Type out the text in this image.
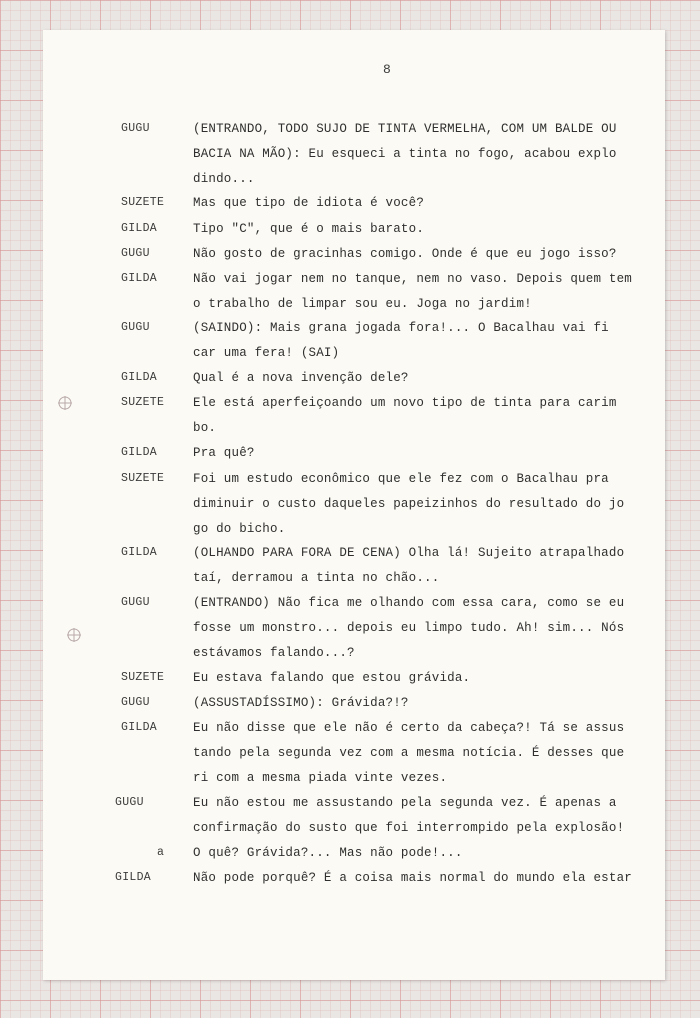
8
GUGU	(ENTRANDO, TODO SUJO DE TINTA VERMELHA, COM UM BALDE OU
BACIA NA MÃO): Eu esqueci a tinta no fogo, acabou explo
dindo...
SUZETE Mas que tipo de idiota é você?
GILDA	Tipo "C", que é o mais barato.
GUGU	Não gosto de gracinhas comigo. Onde é que eu jogo isso?
GILDA	Não vai jogar nem no tanque, nem no vaso. Depois quem tem
o trabalho de limpar sou eu. Joga no jardim!
GUGU	(SAINDO): Mais grana jogada fora!... O Bacalhau vai fi
car uma fera! (SAI)
GILDA	Qual é a nova invenção dele?
SUZETE Ele está aperfeiçoando um novo tipo de tinta para carim
bo.
GILDA	Pra quê?
SUZETE Foi um estudo econômico que ele fez com o Bacalhau pra
diminuir o custo daqueles papeizinhos do resultado do jo
go do bicho.
GILDA	(OLHANDO PARA FORA DE CENA) Olha lá! Sujeito atrapalhado
taí, derramou a tinta no chão...
GUGU	(ENTRANDO) Não fica me olhando com essa cara, como se eu
fosse um monstro... depois eu limpo tudo. Ah! sim... Nós
estávamos falando...?
SUZETE Eu estava falando que estou grávida.
GUGU	(ASSUSTADÍSSIMO): Grávida?!?
GILDA	Eu não disse que ele não é certo da cabeça?! Tá se assus
tando pela segunda vez com a mesma notícia. É desses que
ri com a mesma piada vinte vezes.
GUGU	Eu não estou me assustando pela segunda vez. É apenas a
confirmação do susto que foi interrompido pela explosão!
a O quê? Grávida?... Mas não pode!...
GILDA	Não pode porquê? É a coisa mais normal do mundo ela estar
